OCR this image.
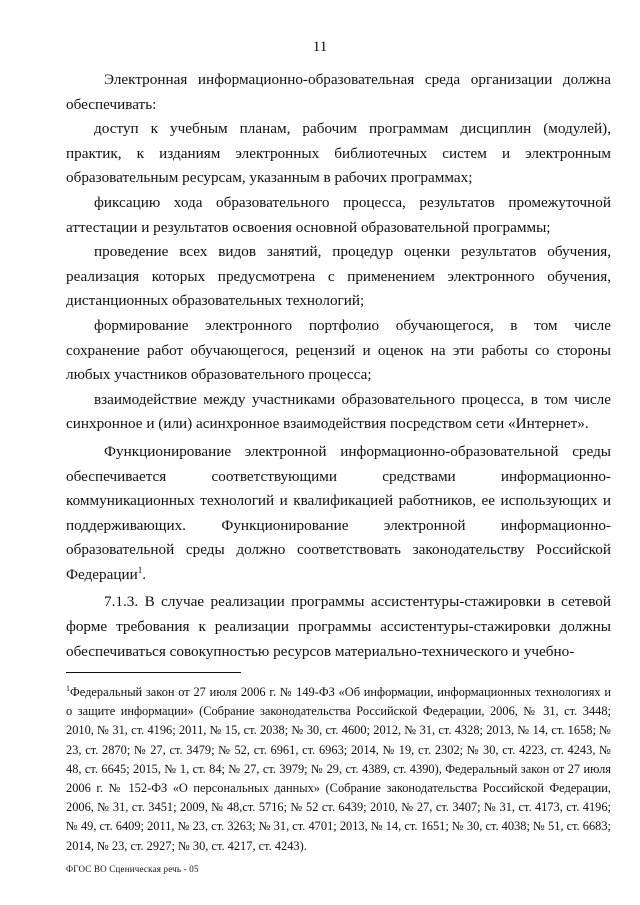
11

Электронная информационно-образовательная среда организации должна обеспечивать:

доступ к учебным планам, рабочим программам дисциплин (модулей), практик, к изданиям электронных библиотечных систем и электронным образовательным ресурсам, указанным в рабочих программах;

фиксацию хода образовательного процесса, результатов промежуточной аттестации и результатов освоения основной образовательной программы;

проведение всех видов занятий, процедур оценки результатов обучения, реализация которых предусмотрена с применением электронного обучения, дистанционных образовательных технологий;

формирование электронного портфолио обучающегося, в том числе сохранение работ обучающегося, рецензий и оценок на эти работы со стороны любых участников образовательного процесса;

взаимодействие между участниками образовательного процесса, в том числе синхронное и (или) асинхронное взаимодействия посредством сети «Интернет».

Функционирование электронной информационно-образовательной среды обеспечивается соответствующими средствами информационно-коммуникационных технологий и квалификацией работников, ее использующих и поддерживающих. Функционирование электронной информационно-образовательной среды должно соответствовать законодательству Российской Федерации$^1$.

7.1.3. В случае реализации программы ассистентуры-стажировки в сетевой форме требования к реализации программы ассистентуры-стажировки должны обеспечиваться совокупностью ресурсов материально-технического и учебно-

$^1$Федеральный закон от 27 июля 2006 г. № 149-ФЗ «Об информации, информационных технологиях и о защите информации» (Собрание законодательства Российской Федерации, 2006, № 31, ст. 3448; 2010, № 31, ст. 4196; 2011, № 15, ст. 2038; № 30, ст. 4600; 2012, № 31, ст. 4328; 2013, № 14, ст. 1658; № 23, ст. 2870; № 27, ст. 3479; № 52, ст. 6961, ст. 6963; 2014, № 19, ст. 2302; № 30, ст. 4223, ст. 4243, № 48, ст. 6645; 2015, № 1, ст. 84; № 27, ст. 3979; № 29, ст. 4389, ст. 4390), Федеральный закон от 27 июля 2006 г. № 152-ФЗ «О персональных данных» (Собрание законодательства Российской Федерации, 2006, № 31, ст. 3451; 2009, № 48,ст. 5716; № 52 ст. 6439; 2010, № 27, ст. 3407; № 31, ст. 4173, ст. 4196; № 49, ст. 6409; 2011, № 23, ст. 3263; № 31, ст. 4701; 2013, № 14, ст. 1651; № 30, ст. 4038; № 51, ст. 6683; 2014, № 23, ст. 2927; № 30, ст. 4217, ст. 4243).

ФГОС ВО Сценическая речь - 05
